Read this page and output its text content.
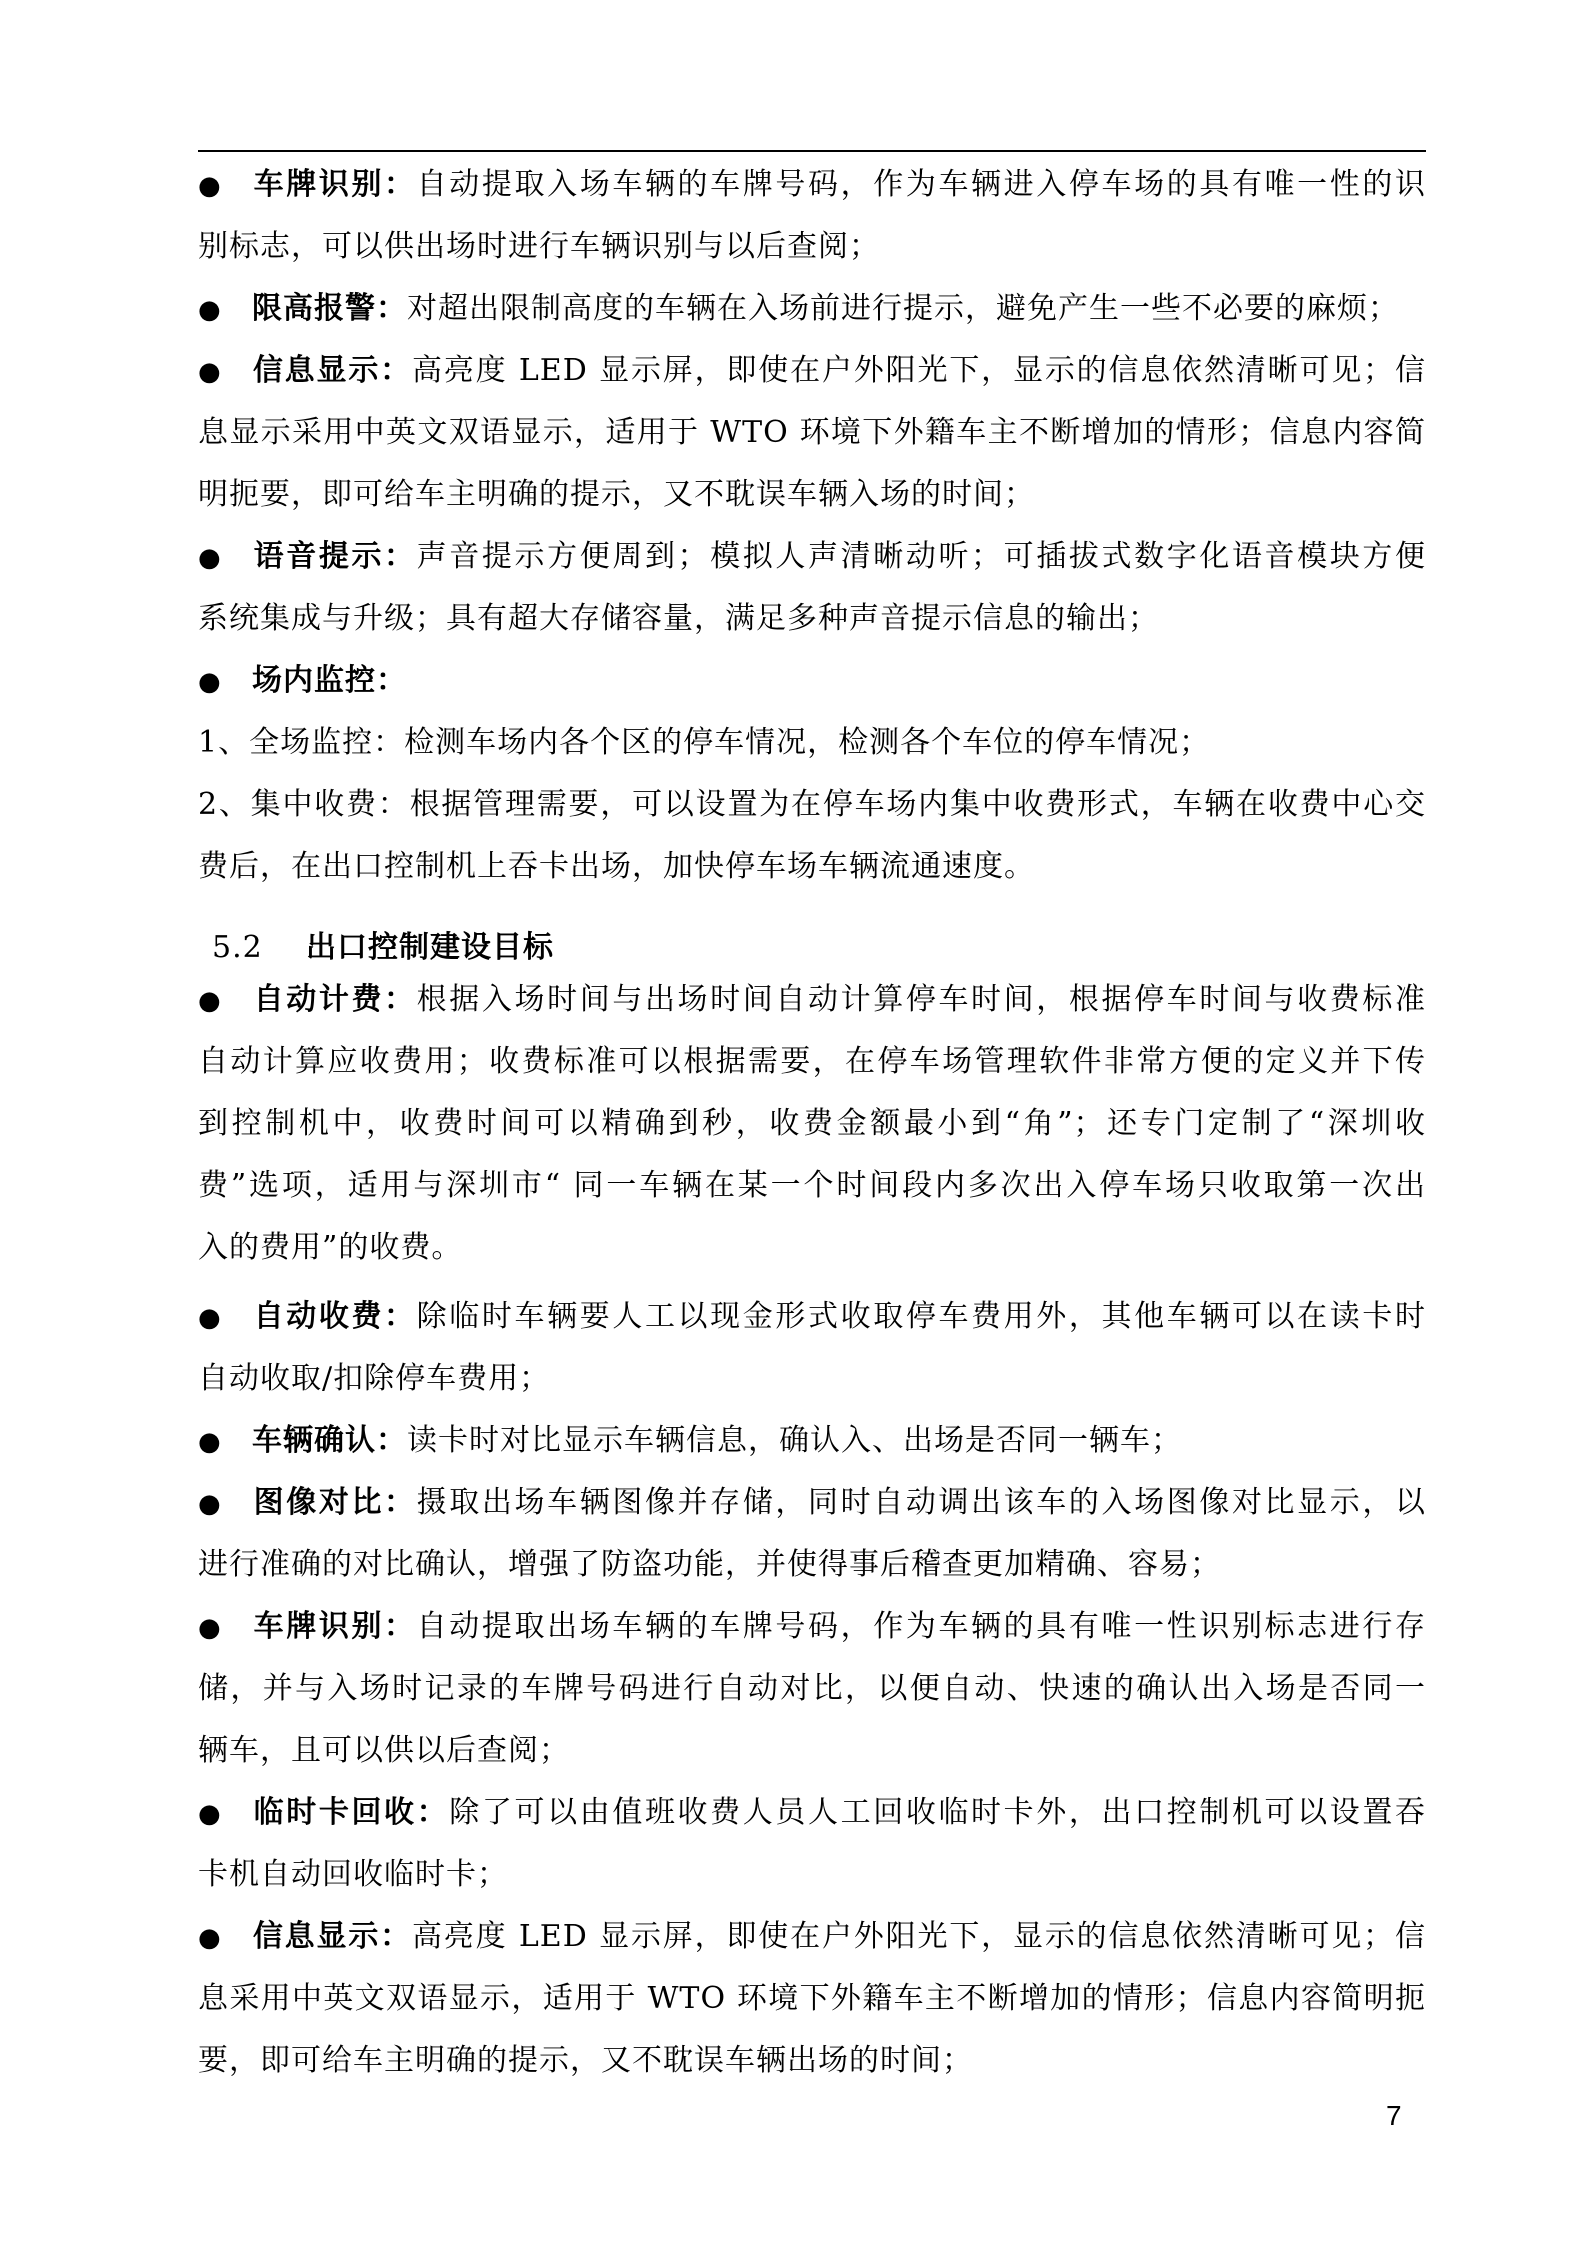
● 车牌识别：自动提取入场车辆的车牌号码，作为车辆进入停车场的具有唯一性的识
别标志，可以供出场时进行车辆识别与以后查阅；
● 限高报警：对超出限制高度的车辆在入场前进行提示，避免产生一些不必要的麻烦；
● 信息显示：高亮度 LED 显示屏，即使在户外阳光下，显示的信息依然清晰可见；信
息显示采用中英文双语显示，适用于 WTO 环境下外籍车主不断增加的情形；信息内容简
明扼要，即可给车主明确的提示，又不耽误车辆入场的时间；
● 语音提示：声音提示方便周到；模拟人声清晰动听；可插拔式数字化语音模块方便
系统集成与升级；具有超大存储容量，满足多种声音提示信息的输出；
● 场内监控：
1、全场监控：检测车场内各个区的停车情况，检测各个车位的停车情况；
2、集中收费：根据管理需要，可以设置为在停车场内集中收费形式，车辆在收费中心交
费后，在出口控制机上吞卡出场，加快停车场车辆流通速度。
5.2 出口控制建设目标
● 自动计费：根据入场时间与出场时间自动计算停车时间，根据停车时间与收费标准
自动计算应收费用；收费标准可以根据需要，在停车场管理软件非常方便的定义并下传
到控制机中，收费时间可以精确到秒，收费金额最小到“角”；还专门定制了“深圳收
费”选项，适用与深圳市“ 同一车辆在某一个时间段内多次出入停车场只收取第一次出
入的费用”的收费。
● 自动收费：除临时车辆要人工以现金形式收取停车费用外，其他车辆可以在读卡时
自动收取/扣除停车费用；
● 车辆确认：读卡时对比显示车辆信息，确认入、出场是否同一辆车；
● 图像对比：摄取出场车辆图像并存储，同时自动调出该车的入场图像对比显示，以
进行准确的对比确认，增强了防盗功能，并使得事后稽查更加精确、容易；
● 车牌识别：自动提取出场车辆的车牌号码，作为车辆的具有唯一性识别标志进行存
储，并与入场时记录的车牌号码进行自动对比，以便自动、快速的确认出入场是否同一
辆车，且可以供以后查阅；
● 临时卡回收：除了可以由值班收费人员人工回收临时卡外，出口控制机可以设置吞
卡机自动回收临时卡；
● 信息显示：高亮度 LED 显示屏，即使在户外阳光下，显示的信息依然清晰可见；信
息采用中英文双语显示，适用于 WTO 环境下外籍车主不断增加的情形；信息内容简明扼
要，即可给车主明确的提示，又不耽误车辆出场的时间；
7
